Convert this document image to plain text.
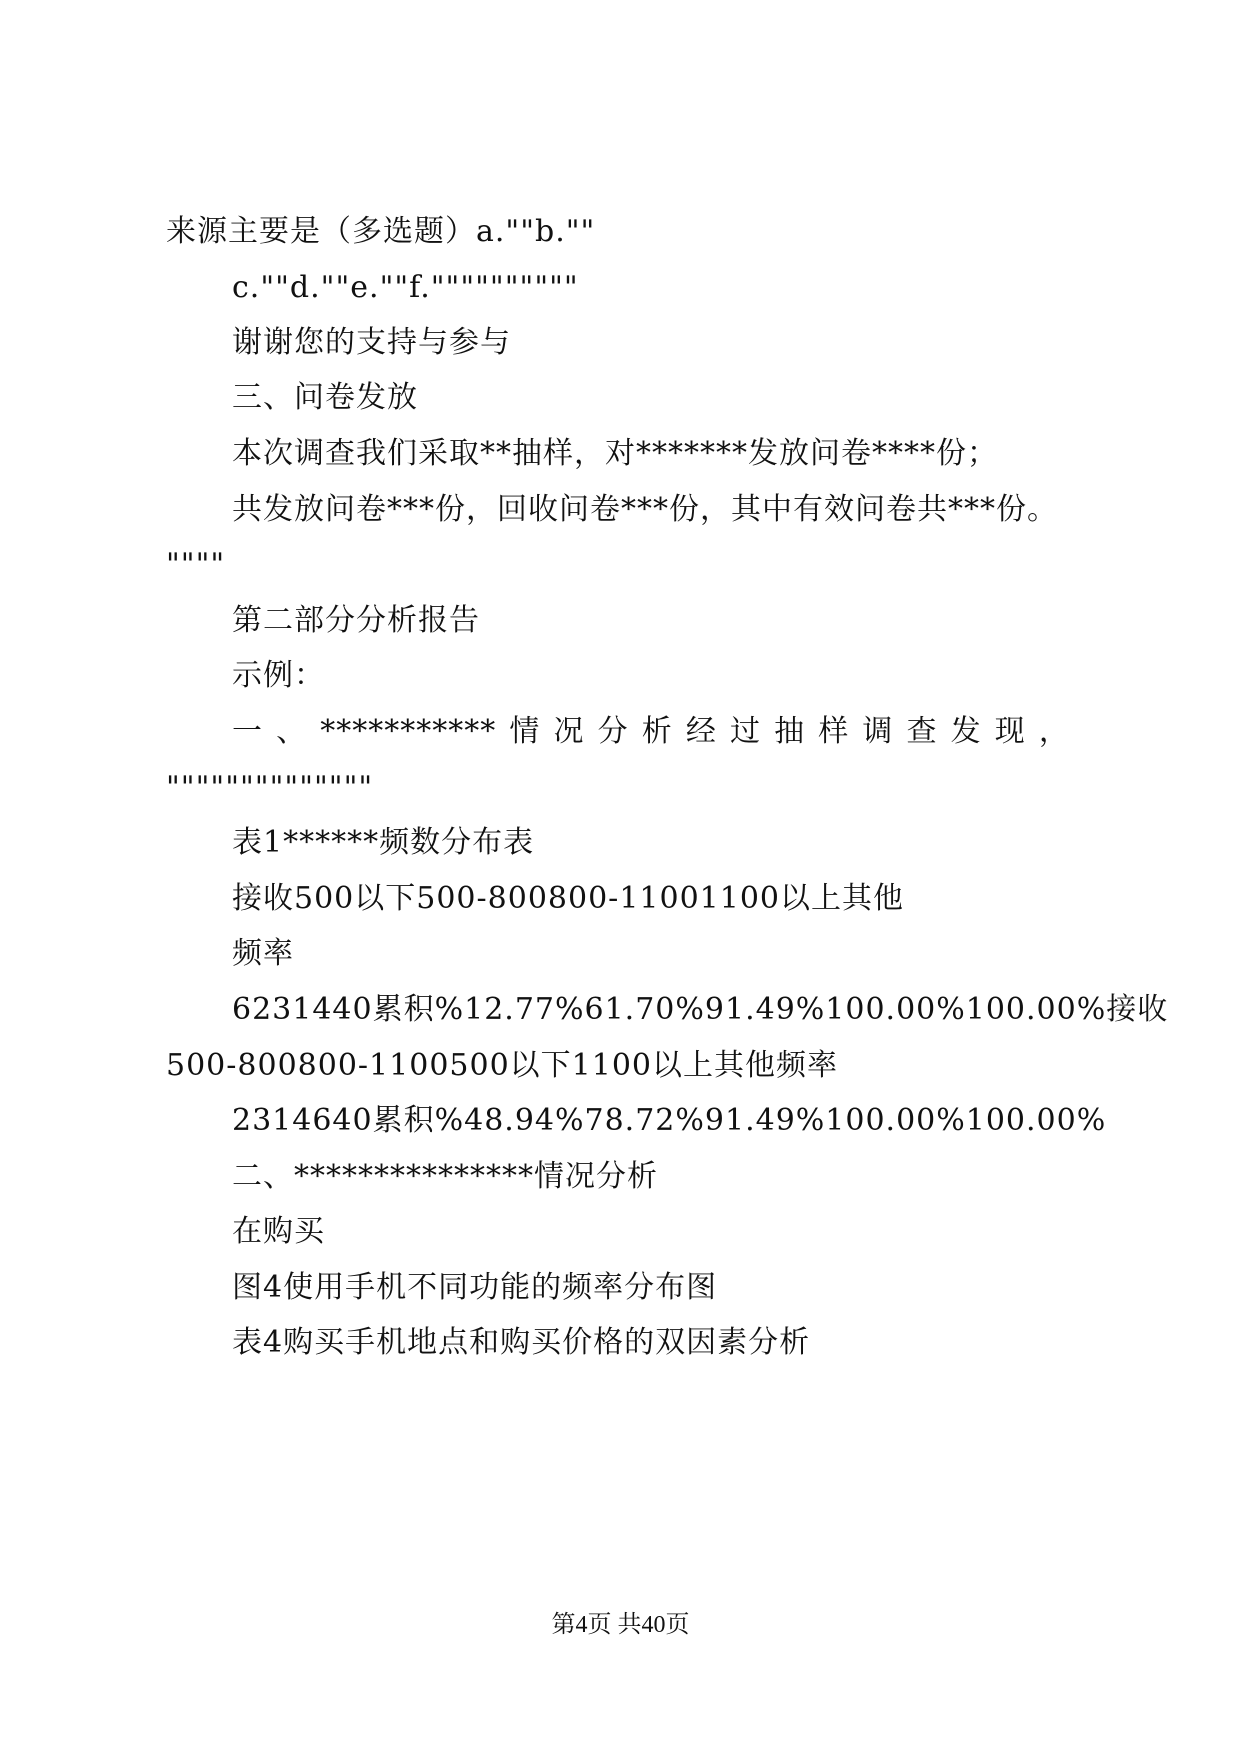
来源主要是（多选题）a.""b.""
c.""d.""e.""f.""""""""""
谢谢您的支持与参与
三、问卷发放
本次调查我们采取**抽样，对*******发放问卷****份；
共发放问卷***份，回收问卷***份，其中有效问卷共***份。
""""
第二部分分析报告
示例：
一 、 *********** 情 况 分 析 经 过 抽 样 调 查 发 现 ，
""""""""""""""
表1******频数分布表
接收500以下500-800800-11001100以上其他
频率
6231440累积%12.77%61.70%91.49%100.00%100.00%接收
500-800800-1100500以下1100以上其他频率
2314640累积%48.94%78.72%91.49%100.00%100.00%
二、***************情况分析
在购买
图4使用手机不同功能的频率分布图
表4购买手机地点和购买价格的双因素分析
第4页 共40页
